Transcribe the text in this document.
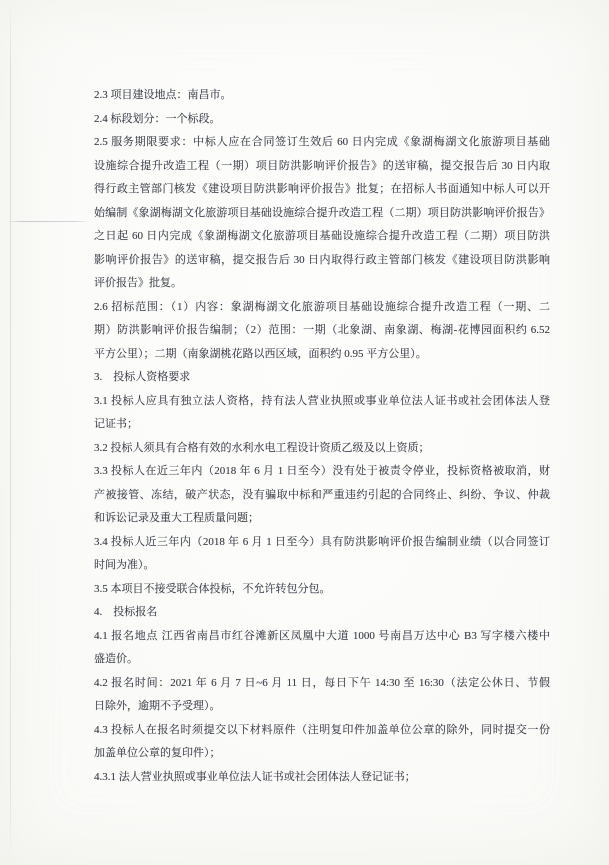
2.3 项目建设地点：南昌市。
2.4 标段划分：一个标段。
2.5 服务期限要求：中标人应在合同签订生效后 60 日内完成《象湖梅湖文化旅游项目基础
设施综合提升改造工程（一期）项目防洪影响评价报告》的送审稿，提交报告后 30 日内取
得行政主管部门核发《建设项目防洪影响评价报告》批复；在招标人书面通知中标人可以开
始编制《象湖梅湖文化旅游项目基础设施综合提升改造工程（二期）项目防洪影响评价报告》
之日起 60 日内完成《象湖梅湖文化旅游项目基础设施综合提升改造工程（二期）项目防洪
影响评价报告》的送审稿，提交报告后 30 日内取得行政主管部门核发《建设项目防洪影响
评价报告》批复。
2.6 招标范围：（1）内容：象湖梅湖文化旅游项目基础设施综合提升改造工程（一期、二
期）防洪影响评价报告编制；（2）范围：一期（北象湖、南象湖、梅湖-花博园面积约 6.52
平方公里）；二期（南象湖桃花路以西区域，面积约 0.95 平方公里）。
3.　投标人资格要求
3.1 投标人应具有独立法人资格，持有法人营业执照或事业单位法人证书或社会团体法人登
记证书；
3.2 投标人须具有合格有效的水利水电工程设计资质乙级及以上资质；
3.3 投标人在近三年内（2018 年 6 月 1 日至今）没有处于被责令停业，投标资格被取消，财
产被接管、冻结，破产状态，没有骗取中标和严重违约引起的合同终止、纠纷、争议、仲裁
和诉讼记录及重大工程质量问题；
3.4 投标人近三年内（2018 年 6 月 1 日至今）具有防洪影响评价报告编制业绩（以合同签订
时间为准）。
3.5 本项目不接受联合体投标，不允许转包分包。
4.　投标报名
4.1 报名地点 江西省南昌市红谷滩新区凤凰中大道 1000 号南昌万达中心 B3 写字楼六楼中
盛造价。
4.2 报名时间：2021 年 6 月 7 日~6 月 11 日，每日下午 14:30 至 16:30（法定公休日、节假
日除外，逾期不予受理）。
4.3 投标人在报名时须提交以下材料原件（注明复印件加盖单位公章的除外，同时提交一份
加盖单位公章的复印件）；
4.3.1 法人营业执照或事业单位法人证书或社会团体法人登记证书；
